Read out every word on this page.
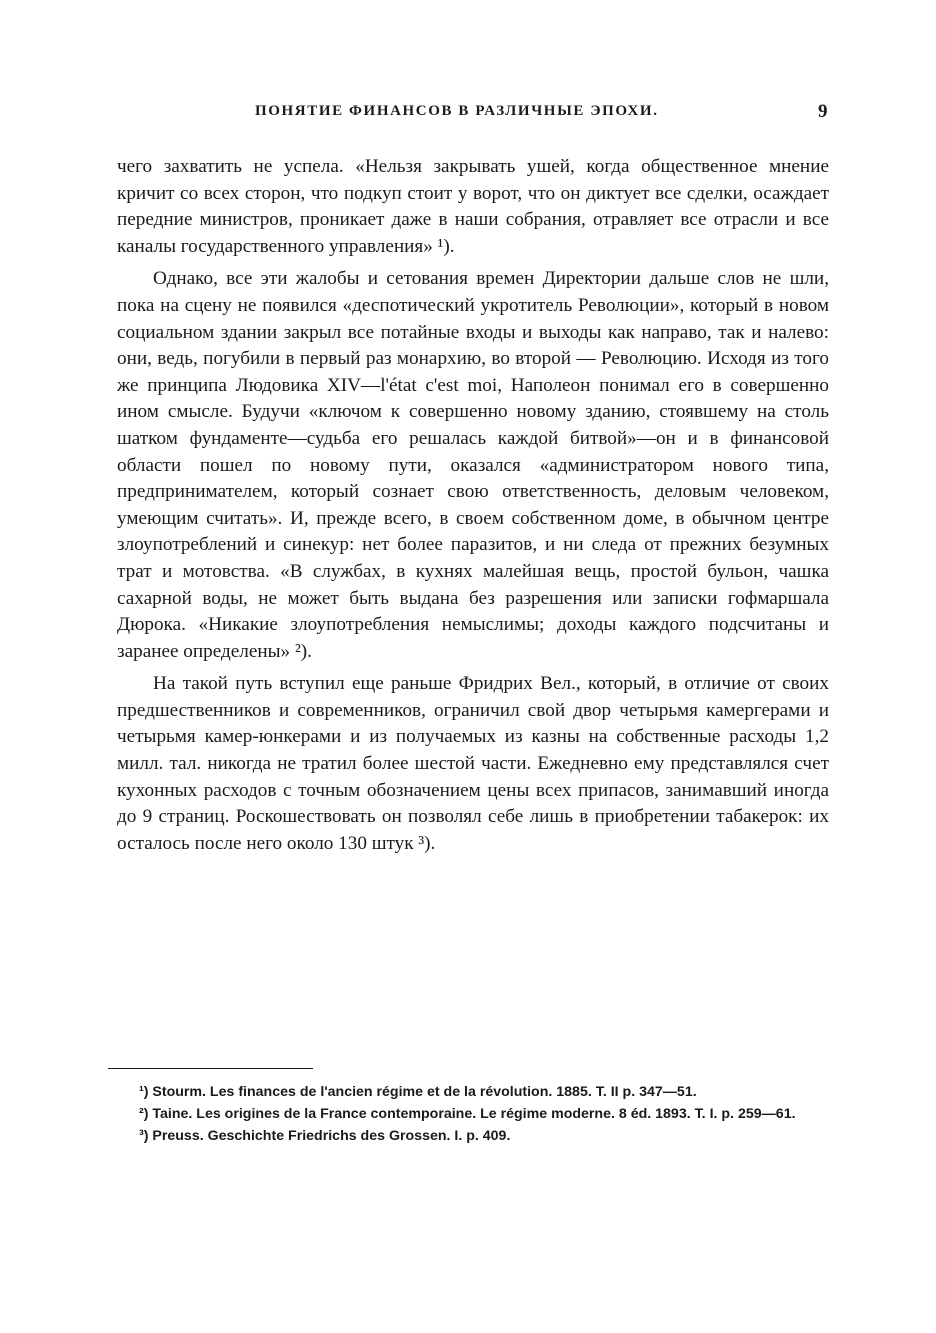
ПОНЯТИЕ ФИНАНСОВ В РАЗЛИЧНЫЕ ЭПОХИ.	9

чего захватить не успела. «Нельзя закрывать ушей, когда общественное мнение кричит со всех сторон, что подкуп стоит у ворот, что он диктует все сделки, осаждает передние министров, проникает даже в наши собрания, отравляет все отрасли и все каналы государственного управления» ¹).

Однако, все эти жалобы и сетования времен Директории дальше слов не шли, пока на сцену не появился «деспотический укротитель Революции», который в новом социальном здании закрыл все потайные входы и выходы как направо, так и налево: они, ведь, погубили в первый раз монархию, во второй — Революцию. Исходя из того же принципа Людовика XIV—l'état c'est moi, Наполеон понимал его в совершенно ином смысле. Будучи «ключом к совершенно новому зданию, стоявшему на столь шатком фундаменте—судьба его решалась каждой битвой»—он и в финансовой области пошел по новому пути, оказался «администратором нового типа, предпринимателем, который сознает свою ответственность, деловым человеком, умеющим считать». И, прежде всего, в своем собственном доме, в обычном центре злоупотреблений и синекур: нет более паразитов, и ни следа от прежних безумных трат и мотовства. «В службах, в кухнях малейшая вещь, простой бульон, чашка сахарной воды, не может быть выдана без разрешения или записки гофмаршала Дюрока. «Никакие злоупотребления немыслимы; доходы каждого подсчитаны и заранее определены» ²).

На такой путь вступил еще раньше Фридрих Вел., который, в отличие от своих предшественников и современников, ограничил свой двор четырьмя камергерами и четырьмя камер-юнкерами и из получаемых из казны на собственные расходы 1,2 милл. тал. никогда не тратил более шестой части. Ежедневно ему представлялся счет кухонных расходов с точным обозначением цены всех припасов, занимавший иногда до 9 страниц. Роскошествовать он позволял себе лишь в приобретении табакерок: их осталось после него около 130 штук ³).

¹) Stourm. Les finances de l'ancien régime et de la révolution. 1885. T. II p. 347—51.

²) Taine. Les origines de la France contemporaine. Le régime moderne. 8 éd. 1893. T. I. p. 259—61.

³) Preuss. Geschichte Friedrichs des Grossen. I. p. 409.
